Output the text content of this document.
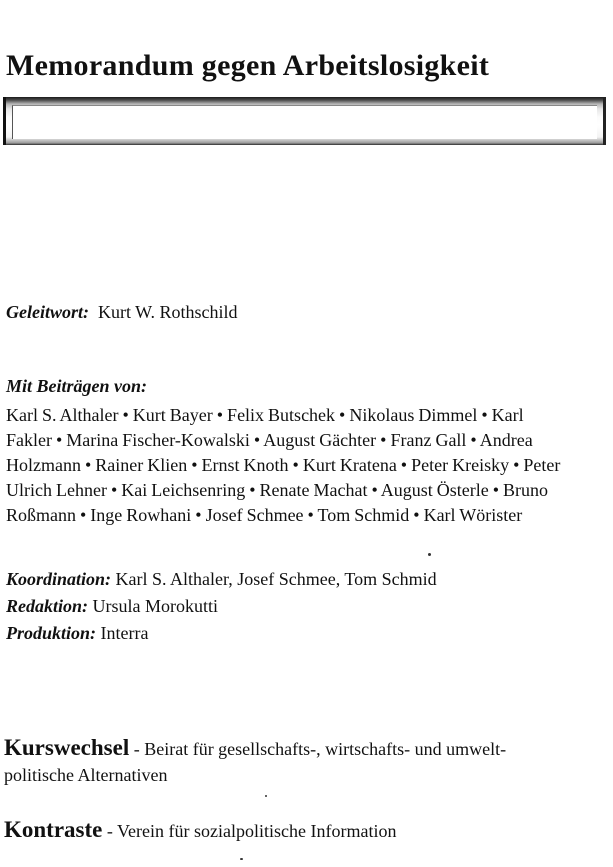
Memorandum gegen Arbeitslosigkeit
Geleitwort: Kurt W. Rothschild
Mit Beiträgen von:
Karl S. Althaler • Kurt Bayer • Felix Butschek • Nikolaus Dimmel • Karl
Fakler • Marina Fischer-Kowalski • August Gächter • Franz Gall • Andrea
Holzmann • Rainer Klien • Ernst Knoth • Kurt Kratena • Peter Kreisky • Peter
Ulrich Lehner • Kai Leichsenring • Renate Machat • August Österle • Bruno
Roßmann • Inge Rowhani • Josef Schmee • Tom Schmid • Karl Wörister
Koordination: Karl S. Althaler, Josef Schmee, Tom Schmid
Redaktion: Ursula Morokutti
Produktion: Interra
Kurswechsel - Beirat für gesellschafts-, wirtschafts- und umwelt-
politische Alternativen
Kontraste - Verein für sozialpolitische Information
